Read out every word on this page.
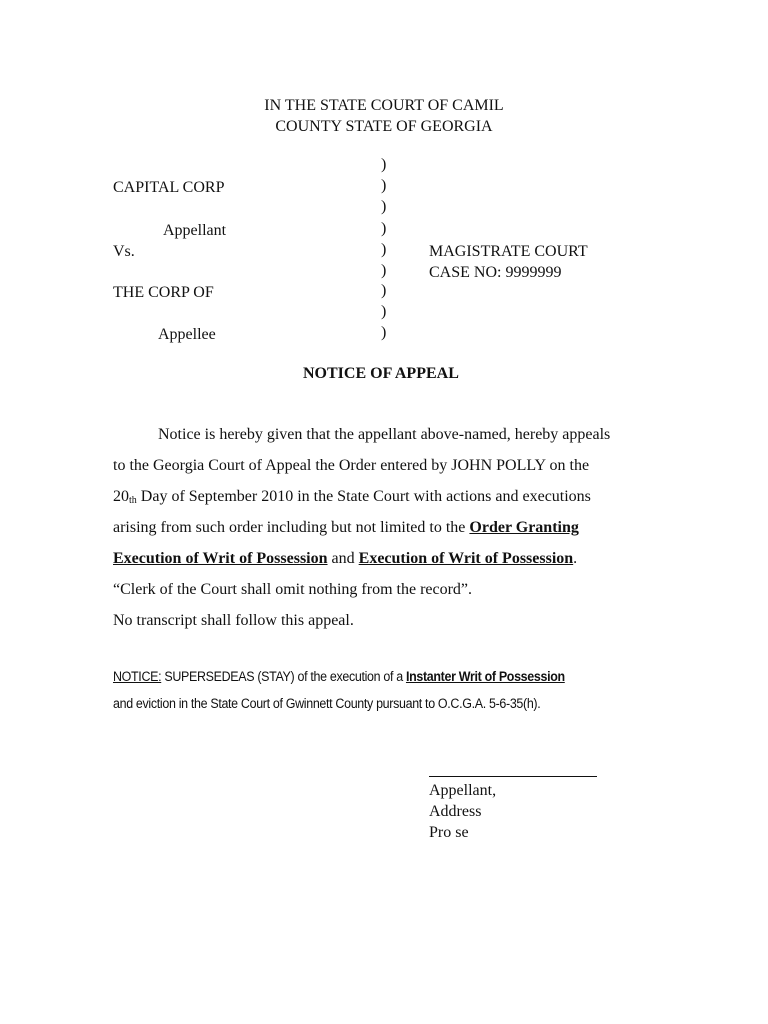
IN THE STATE COURT OF CAMIL
COUNTY STATE OF GEORGIA
CAPITAL CORP
Appellant
Vs.
THE CORP OF
Appellee
)
)
)
)
)
)
)
)
)
MAGISTRATE COURT
CASE NO: 9999999
NOTICE OF APPEAL
Notice is hereby given that the appellant above-named, hereby appeals
to the Georgia Court of Appeal the Order entered by JOHN POLLY on the
$20_{th}$ Day of September 2010 in the State Court with actions and executions
arising from such order including but not limited to the Order Granting
Execution of Writ of Possession and Execution of Writ of Possession.
“Clerk of the Court shall omit nothing from the record”.
No transcript shall follow this appeal.
NOTICE: SUPERSEDEAS (STAY) of the execution of a Instanter Writ of Possession
and eviction in the State Court of Gwinnett County pursuant to O.C.G.A. 5-6-35(h).
Appellant,
Address
Pro se
